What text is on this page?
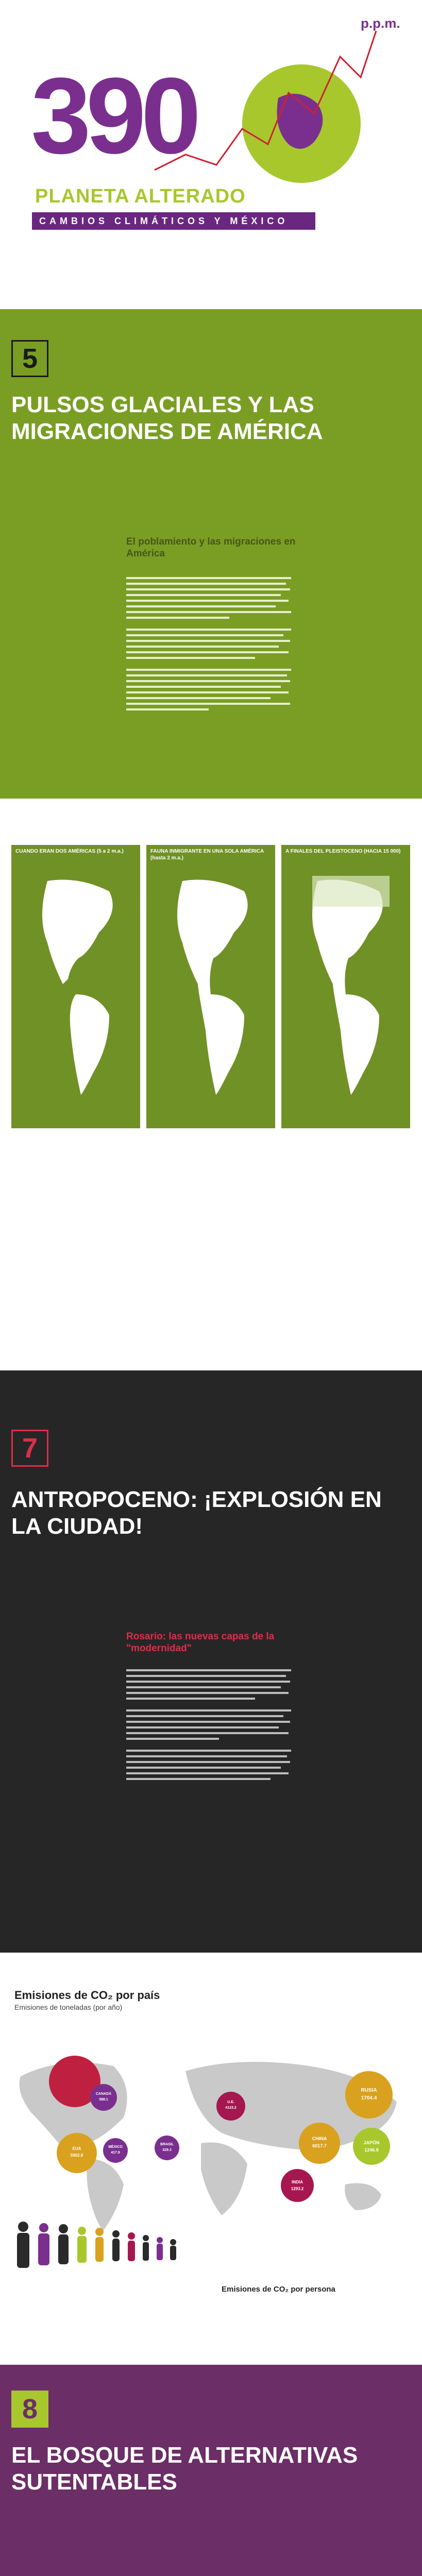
p.p.m.
390
PLANETA ALTERADO
CAMBIOS CLIMÁTICOS Y MÉXICO
5
PULSOS GLACIALES Y LAS MIGRACIONES DE AMÉRICA
El poblamiento y las migraciones en América
CUANDO ERAN DOS AMÉRICAS (5 a 2 m.a.)	FAUNA INMIGRANTE EN UNA SOLA AMÉRICA (hasta 2 m.a.)
A FINALES DEL PLEISTOCENO (HACIA 15 000)
7
ANTROPOCENO: ¡EXPLOSIÓN EN LA CIUDAD!
Rosario: las nuevas capas de la "modernidad"
Emisiones de CO₂ por país
Emisiones de toneladas (por año)
CANADÁ
588.1
EUA
5902.8
MÉXICO
417.9
BRASIL
329.3
U.E.
4123.2
RUSIA
1704.4
CHINA
6017.7
JAPÓN
1246.8
INDIA
1293.2
Emisiones de CO₂ por persona
8
EL BOSQUE DE ALTERNATIVAS SUTENTABLES
